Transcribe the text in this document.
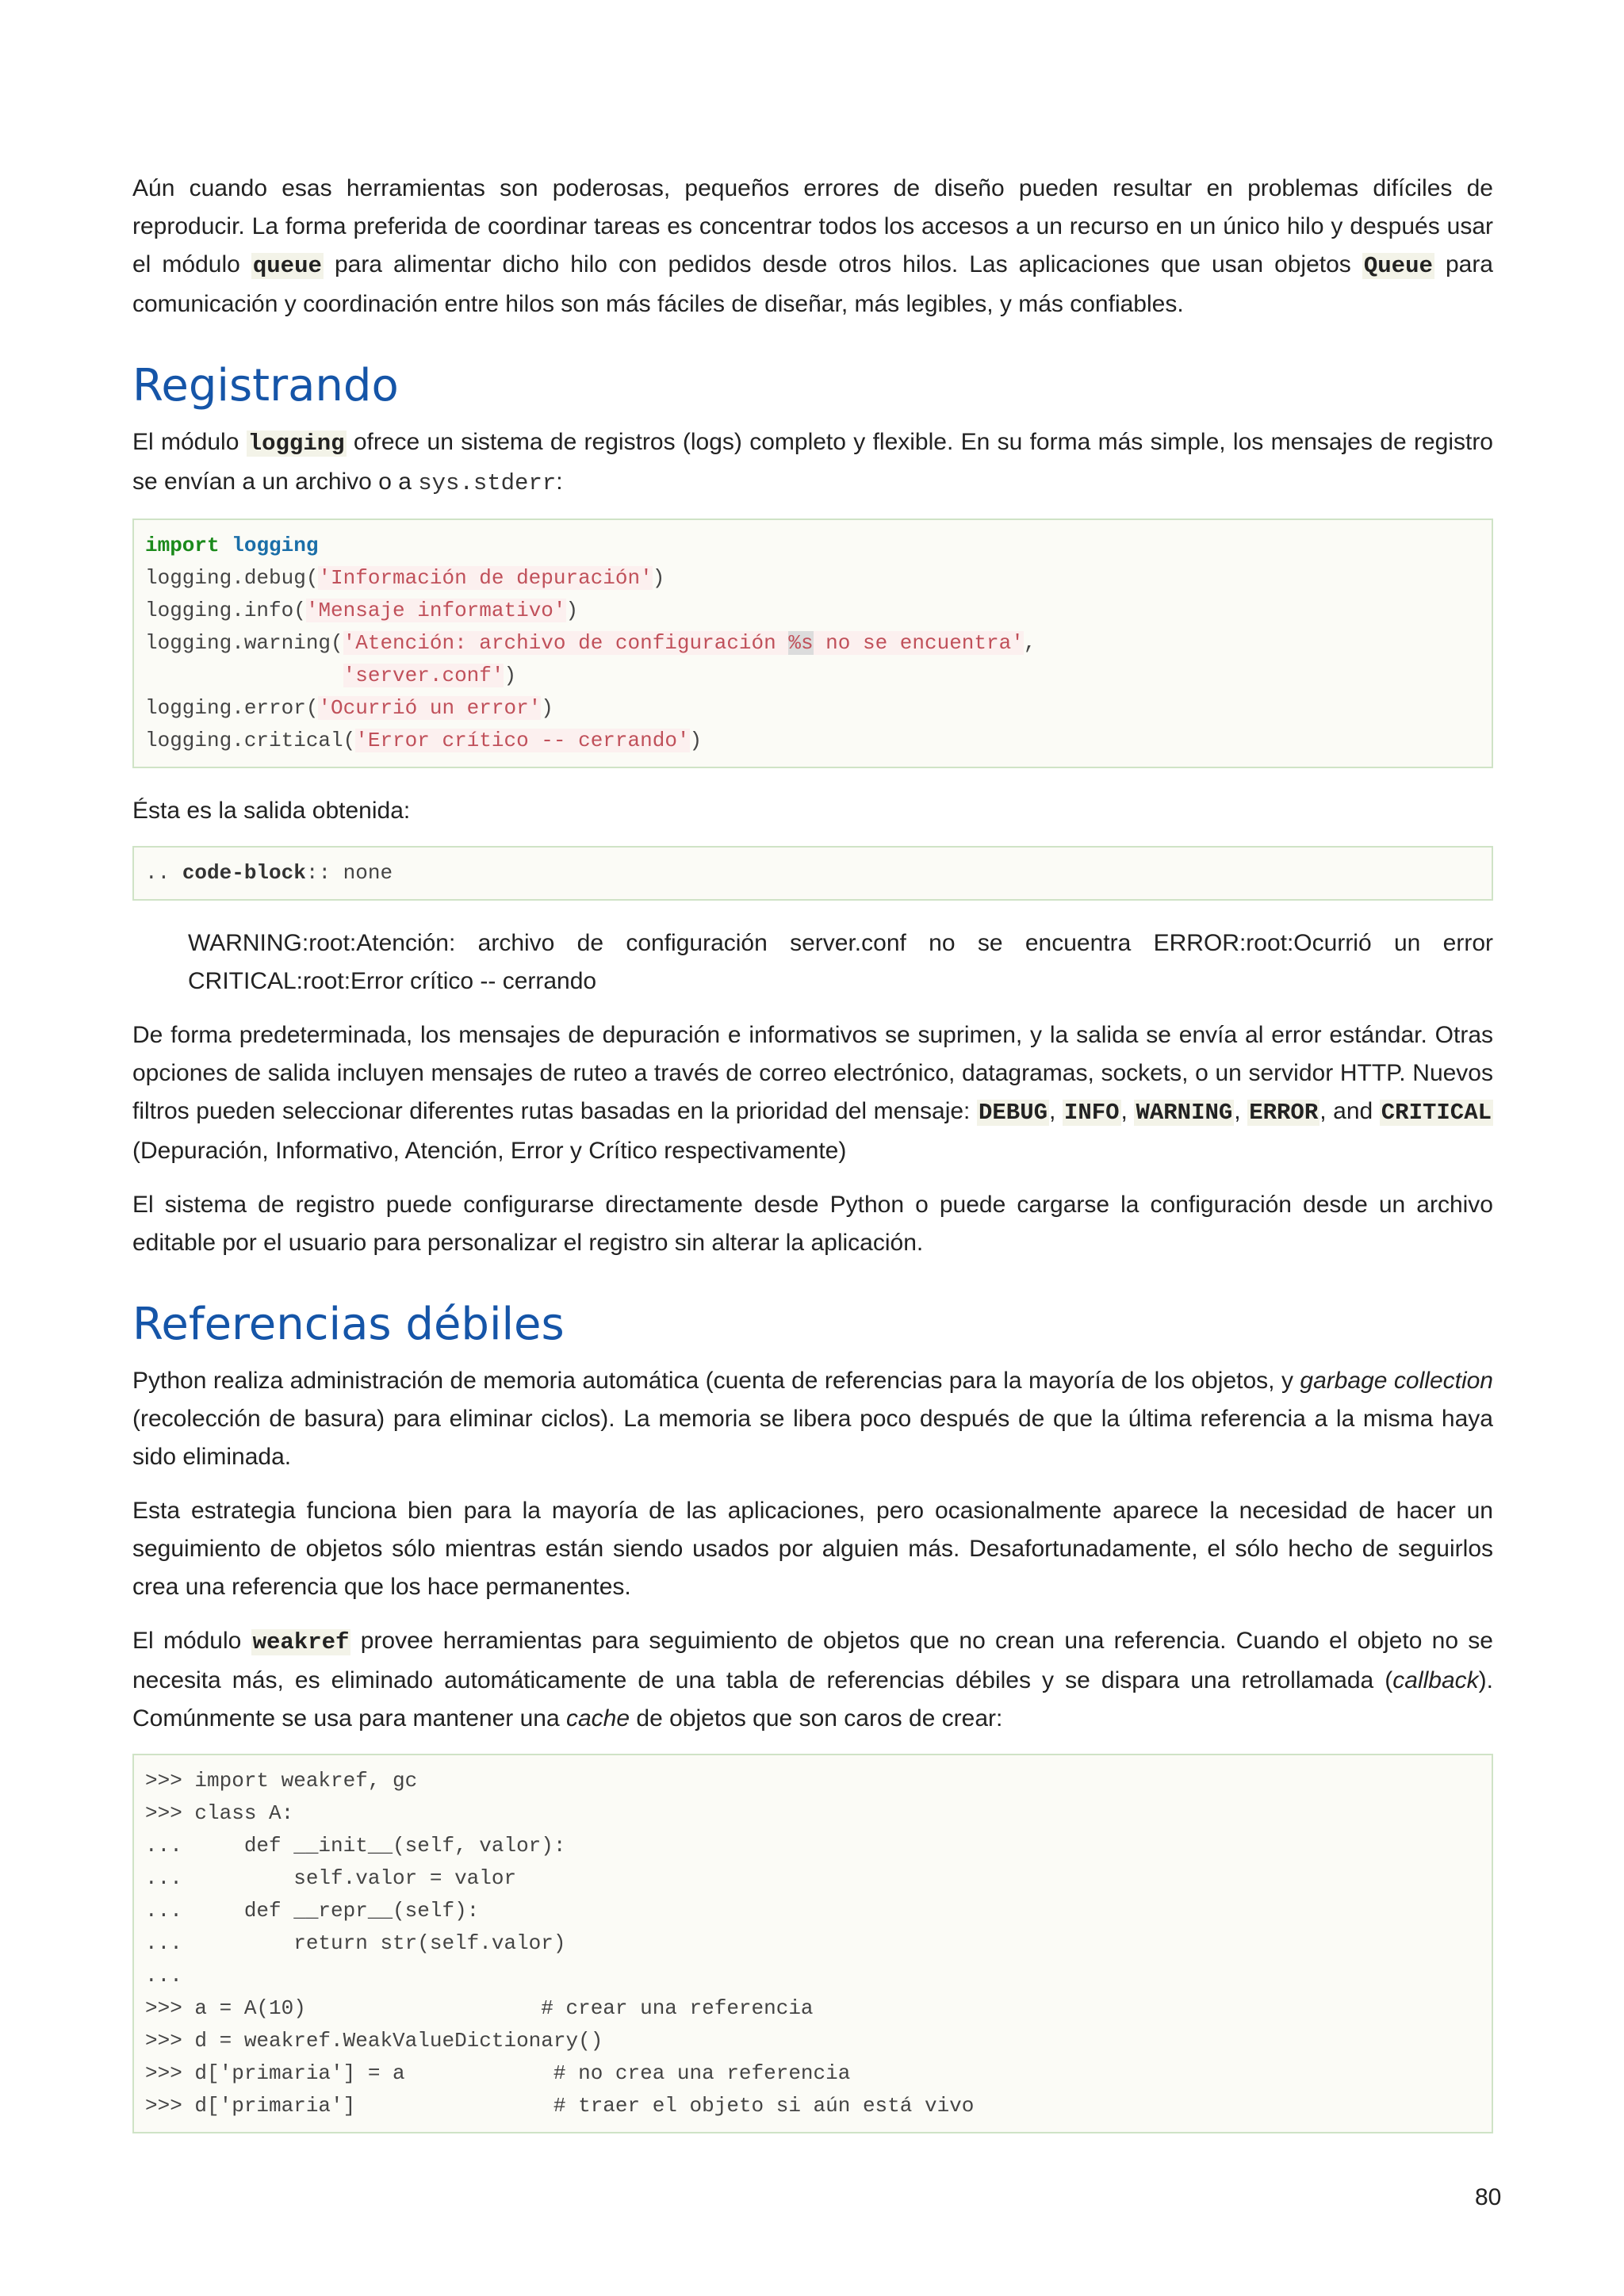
Aún cuando esas herramientas son poderosas, pequeños errores de diseño pueden resultar en problemas difíciles de reproducir. La forma preferida de coordinar tareas es concentrar todos los accesos a un recurso en un único hilo y después usar el módulo queue para alimentar dicho hilo con pedidos desde otros hilos. Las aplicaciones que usan objetos Queue para comunicación y coordinación entre hilos son más fáciles de diseñar, más legibles, y más confiables.

Registrando

El módulo logging ofrece un sistema de registros (logs) completo y flexible. En su forma más simple, los mensajes de registro se envían a un archivo o a sys.stderr:

import logging
logging.debug('Información de depuración')
logging.info('Mensaje informativo')
logging.warning('Atención: archivo de configuración %s no se encuentra',
'server.conf')
logging.error('Ocurrió un error')
logging.critical('Error crítico -- cerrando')

Ésta es la salida obtenida:

.. code-block:: none

WARNING:root:Atención: archivo de configuración server.conf no se encuentra ERROR:root:Ocurrió un error CRITICAL:root:Error crítico -- cerrando

De forma predeterminada, los mensajes de depuración e informativos se suprimen, y la salida se envía al error estándar. Otras opciones de salida incluyen mensajes de ruteo a través de correo electrónico, datagramas, sockets, o un servidor HTTP. Nuevos filtros pueden seleccionar diferentes rutas basadas en la prioridad del mensaje: DEBUG, INFO, WARNING, ERROR, and CRITICAL (Depuración, Informativo, Atención, Error y Crítico respectivamente)

El sistema de registro puede configurarse directamente desde Python o puede cargarse la configuración desde un archivo editable por el usuario para personalizar el registro sin alterar la aplicación.

Referencias débiles

Python realiza administración de memoria automática (cuenta de referencias para la mayoría de los objetos, y garbage collection (recolección de basura) para eliminar ciclos). La memoria se libera poco después de que la última referencia a la misma haya sido eliminada.

Esta estrategia funciona bien para la mayoría de las aplicaciones, pero ocasionalmente aparece la necesidad de hacer un seguimiento de objetos sólo mientras están siendo usados por alguien más. Desafortunadamente, el sólo hecho de seguirlos crea una referencia que los hace permanentes.

El módulo weakref provee herramientas para seguimiento de objetos que no crean una referencia. Cuando el objeto no se necesita más, es eliminado automáticamente de una tabla de referencias débiles y se dispara una retrollamada (callback). Comúnmente se usa para mantener una cache de objetos que son caros de crear:

>>> import weakref, gc
>>> class A:
...     def __init__(self, valor):
...         self.valor = valor
...     def __repr__(self):
...         return str(self.valor)
...
>>> a = A(10)                   # crear una referencia
>>> d = weakref.WeakValueDictionary()
>>> d['primaria'] = a            # no crea una referencia
>>> d['primaria']                # traer el objeto si aún está vivo
80
